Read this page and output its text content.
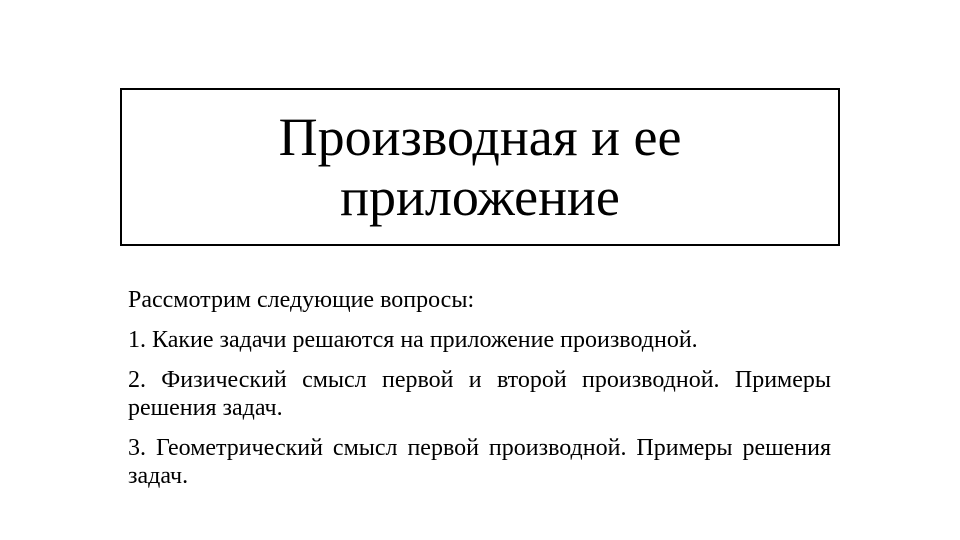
Производная и ее приложение

Рассмотрим следующие вопросы:

1. Какие задачи решаются на приложение производной.

2. Физический смысл первой и второй производной. Примеры решения задач.

3. Геометрический смысл первой производной. Примеры решения задач.
